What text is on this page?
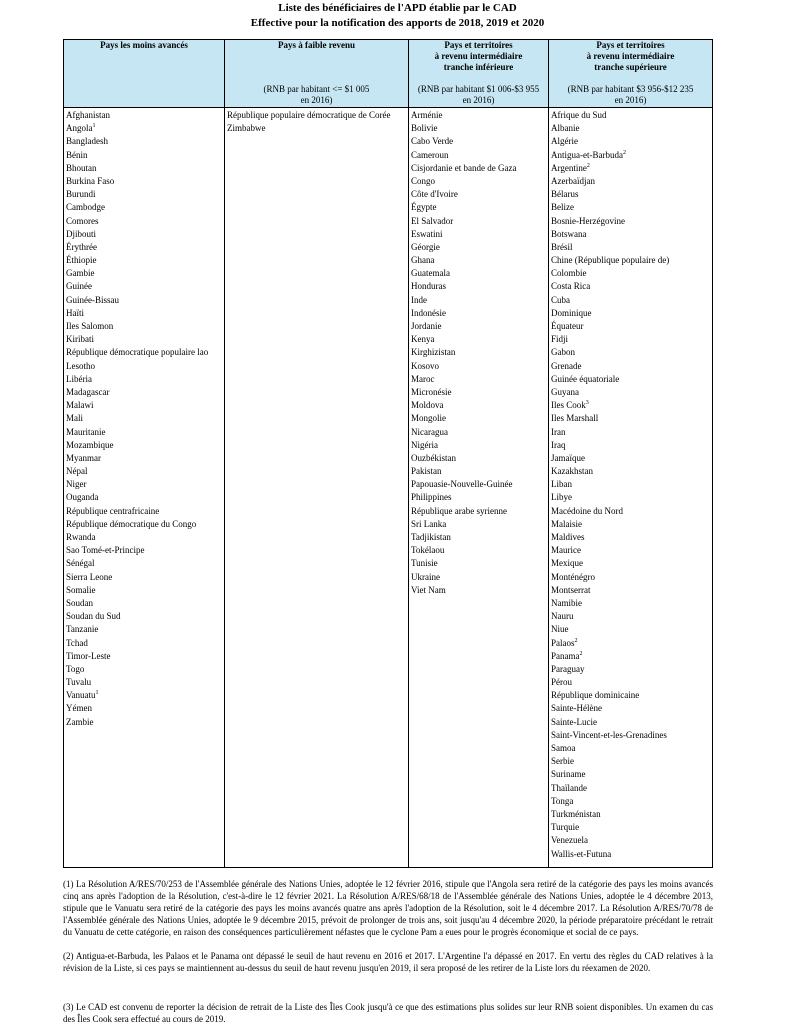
Liste des bénéficiaires de l'APD établie par le CAD
Effective pour la notification des apports de 2018, 2019 et 2020
Pays les moins avancés	Pays à faible revenu
(RNB par habitant <= $1 005
en 2016)
Pays et territoires
à revenu intermédiaire
tranche inférieure
(RNB par habitant $1 006-$3 955
en 2016)
Pays et territoires
à revenu intermédiaire
tranche supérieure
(RNB par habitant $3 956-$12 235
en 2016)
Afghanistan
Angola$^1$
Bangladesh
Bénin
Bhoutan
Burkina Faso
Burundi
Cambodge
Comores
Djibouti
Érythrée
Éthiopie
Gambie
Guinée
Guinée-Bissau
Haïti
Iles Salomon
Kiribati
République démocratique populaire lao
Lesotho
Libéria
Madagascar
Malawi
Mali
Mauritanie
Mozambique
Myanmar
Népal
Niger
Ouganda
République centrafricaine
République démocratique du Congo
Rwanda
Sao Tomé-et-Principe
Sénégal
Sierra Leone
Somalie
Soudan
Soudan du Sud
Tanzanie
Tchad
Timor-Leste
Togo
Tuvalu
Vanuatu$^1$
Yémen
Zambie
République populaire démocratique de Corée
Zimbabwe
Arménie
Bolivie
Cabo Verde
Cameroun
Cisjordanie et bande de Gaza
Congo
Côte d'Ivoire
Égypte
El Salvador
Eswatini
Géorgie
Ghana
Guatemala
Honduras
Inde
Indonésie
Jordanie
Kenya
Kirghizistan
Kosovo
Maroc
Micronésie
Moldova
Mongolie
Nicaragua
Nigéria
Ouzbékistan
Pakistan
Papouasie-Nouvelle-Guinée
Philippines
République arabe syrienne
Sri Lanka
Tadjikistan
Tokélaou
Tunisie
Ukraine
Viet Nam
Afrique du Sud
Albanie
Algérie
Antigua-et-Barbuda$^2$
Argentine$^2$
Azerbaïdjan
Bélarus
Belize
Bosnie-Herzégovine
Botswana
Brésil
Chine (République populaire de)
Colombie
Costa Rica
Cuba
Dominique
Équateur
Fidji
Gabon
Grenade
Guinée équatoriale
Guyana
Iles Cook$^3$
Iles Marshall
Iran
Iraq
Jamaïque
Kazakhstan
Liban
Libye
Macédoine du Nord
Malaisie
Maldives
Maurice
Mexique
Monténégro
Montserrat
Namibie
Nauru
Niue
Palaos$^2$
Panama$^2$
Paraguay
Pérou
République dominicaine
Sainte-Hélène
Sainte-Lucie
Saint-Vincent-et-les-Grenadines
Samoa
Serbie
Suriname
Thaïlande
Tonga
Turkménistan
Turquie
Venezuela
Wallis-et-Futuna
(1) La Résolution A/RES/70/253 de l'Assemblée générale des Nations Unies, adoptée le 12 février 2016, stipule que l'Angola sera retiré de la catégorie des pays les moins avancés cinq ans après l'adoption de la Résolution, c'est-à-dire le 12 février 2021. La Résolution A/RES/68/18 de l'Assemblée générale des Nations Unies, adoptée le 4 décembre 2013, stipule que le Vanuatu sera retiré de la catégorie des pays les moins avancés quatre ans après l'adoption de la Résolution, soit le 4 décembre 2017. La Résolution A/RES/70/78 de l'Assemblée générale des Nations Unies, adoptée le 9 décembre 2015, prévoit de prolonger de trois ans, soit jusqu'au 4 décembre 2020, la période préparatoire précédant le retrait du Vanuatu de cette catégorie, en raison des conséquences particulièrement néfastes que le cyclone Pam a eues pour le progrès économique et social de ce pays.
(2) Antigua-et-Barbuda, les Palaos et le Panama ont dépassé le seuil de haut revenu en 2016 et 2017. L'Argentine l'a dépassé en 2017. En vertu des règles du CAD relatives à la révision de la Liste, si ces pays se maintiennent au-dessus du seuil de haut revenu jusqu'en 2019, il sera proposé de les retirer de la Liste lors du réexamen de 2020.
(3) Le CAD est convenu de reporter la décision de retrait de la Liste des Îles Cook jusqu'à ce que des estimations plus solides sur leur RNB soient disponibles. Un examen du cas des Îles Cook sera effectué au cours de 2019.
